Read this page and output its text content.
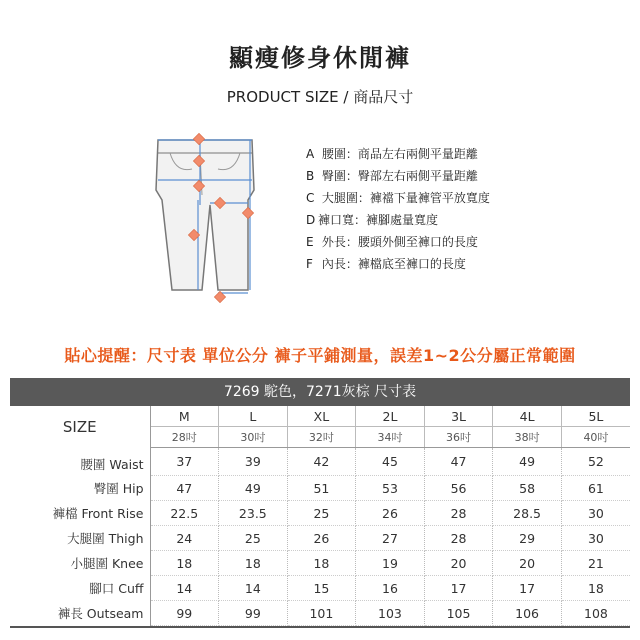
顯瘦修身休閒褲
PRODUCT SIZE / 商品尺寸
A 腰圍：商品左右兩側平量距離
B 臀圍：臀部左右兩側平量距離
C 大腿圍：褲襠下量褲管平放寬度
D 褲口寬：褲腳處量寬度
E 外長：腰頭外側至褲口的長度
F 內長：褲檔底至褲口的長度
貼心提醒：尺寸表 單位公分 褲子平鋪測量，誤差1~2公分屬正常範圍
7269 駝色，7271灰棕 尺寸表
SIZE	M	L	XL	2L	3L	4L	5L
	28吋	30吋	32吋	34吋	36吋	38吋	40吋
腰圍 Waist	37	39	42	45	47	49	52
臀圍 Hip	47	49	51	53	56	58	61
褲檔 Front Rise	22.5	23.5	25	26	28	28.5	30
大腿圍 Thigh	24	25	26	27	28	29	30
小腿圍 Knee	18	18	18	19	20	20	21
腳口 Cuff	14	14	15	16	17	17	18
褲長 Outseam	99	99	101	103	105	106	108
